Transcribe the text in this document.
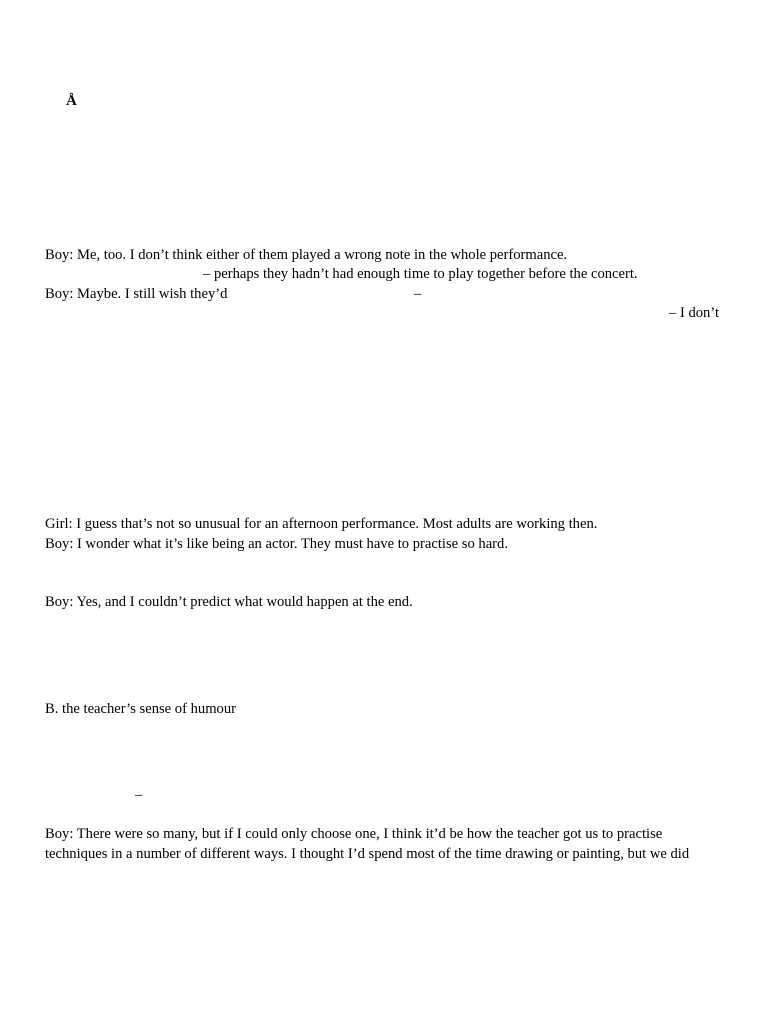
Å
Boy: Me, too. I don’t think either of them played a wrong note in the whole performance.
– perhaps they hadn’t had enough time to play together before the concert.
Boy: Maybe. I still wish they’d	–
– I don’t
Girl: I guess that’s not so unusual for an afternoon performance. Most adults are working then.
Boy: I wonder what it’s like being an actor. They must have to practise so hard.
Boy: Yes, and I couldn’t predict what would happen at the end.
B. the teacher’s sense of humour
–
Boy: There were so many, but if I could only choose one, I think it’d be how the teacher got us to practise
techniques in a number of different ways. I thought I’d spend most of the time drawing or painting, but we did
